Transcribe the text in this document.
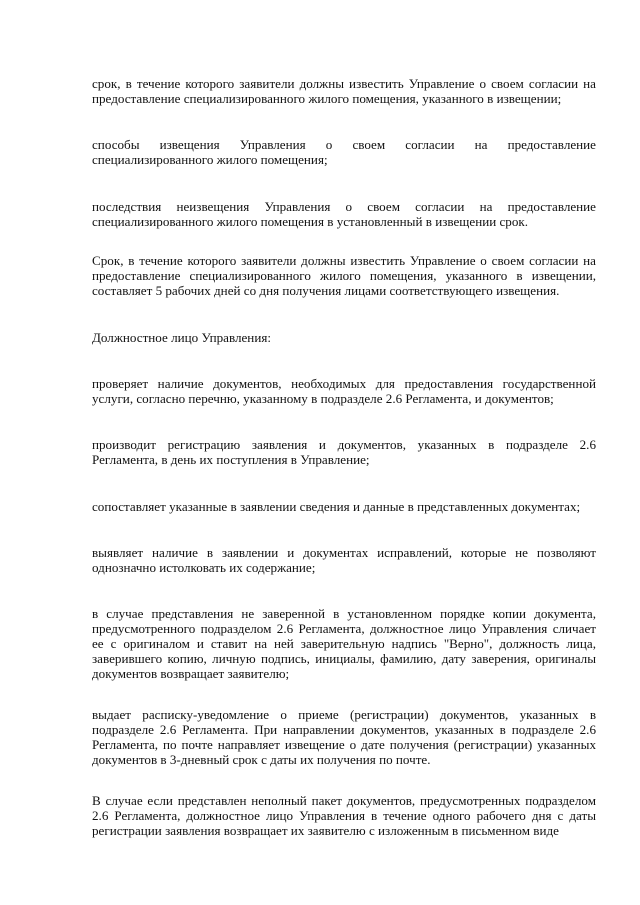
срок, в течение которого заявители должны известить Управление о своем согласии на предоставление специализированного жилого помещения, указанного в извещении;

способы извещения Управления о своем согласии на предоставление специализированного жилого помещения;

последствия неизвещения Управления о своем согласии на предоставление специализированного жилого помещения в установленный в извещении срок.

Срок, в течение которого заявители должны известить Управление о своем согласии на предоставление специализированного жилого помещения, указанного в извещении, составляет 5 рабочих дней со дня получения лицами соответствующего извещения.

Должностное лицо Управления:

проверяет наличие документов, необходимых для предоставления государственной услуги, согласно перечню, указанному в подразделе 2.6 Регламента, и документов;

производит регистрацию заявления и документов, указанных в подразделе 2.6 Регламента, в день их поступления в Управление;

сопоставляет указанные в заявлении сведения и данные в представленных документах;

выявляет наличие в заявлении и документах исправлений, которые не позволяют однозначно истолковать их содержание;

в случае представления не заверенной в установленном порядке копии документа, предусмотренного подразделом 2.6 Регламента, должностное лицо Управления сличает ее с оригиналом и ставит на ней заверительную надпись "Верно", должность лица, заверившего копию, личную подпись, инициалы, фамилию, дату заверения, оригиналы документов возвращает заявителю;

выдает расписку-уведомление о приеме (регистрации) документов, указанных в подразделе 2.6 Регламента. При направлении документов, указанных в подразделе 2.6 Регламента, по почте направляет извещение о дате получения (регистрации) указанных документов в 3-дневный срок с даты их получения по почте.

В случае если представлен неполный пакет документов, предусмотренных подразделом 2.6 Регламента, должностное лицо Управления в течение одного рабочего дня с даты регистрации заявления возвращает их заявителю с изложенным в письменном виде
